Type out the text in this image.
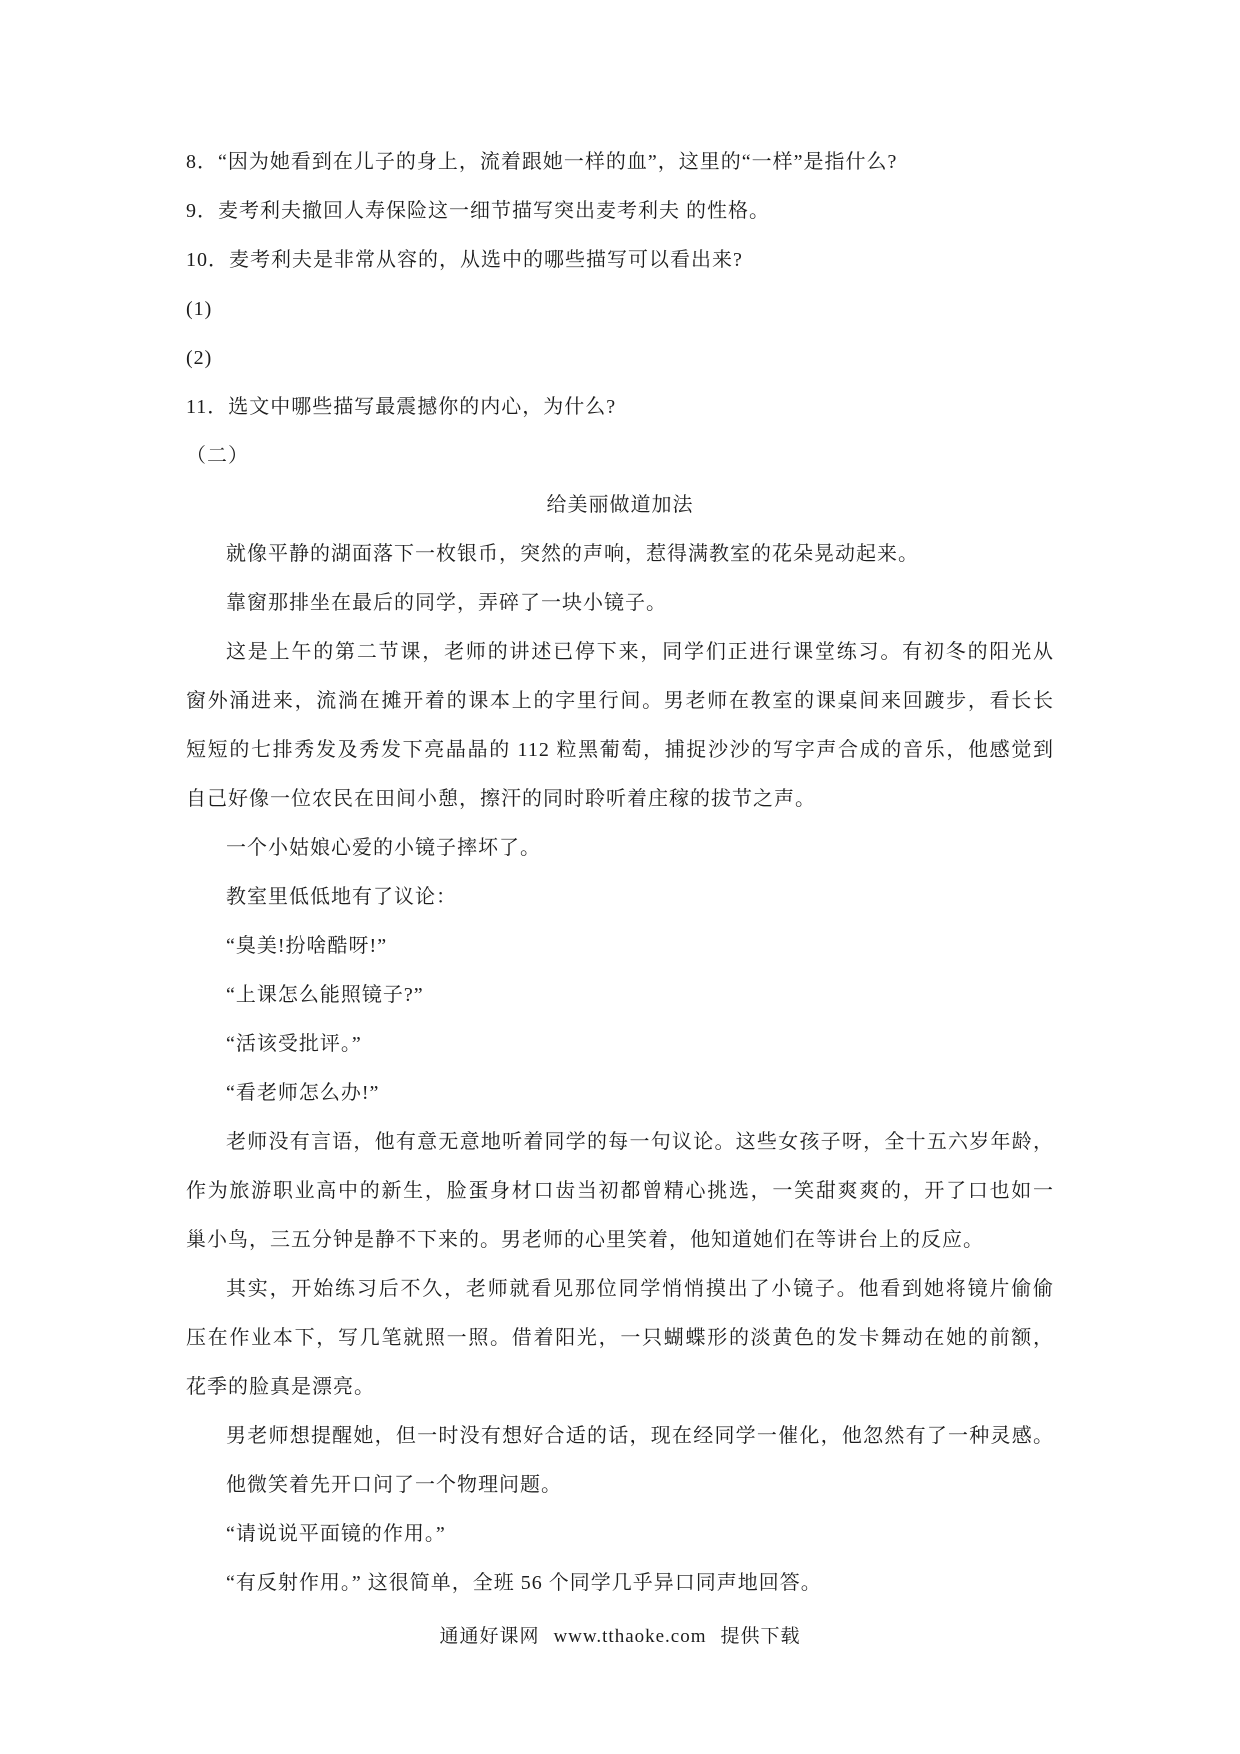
8．“因为她看到在儿子的身上，流着跟她一样的血”，这里的“一样”是指什么?
9．麦考利夫撤回人寿保险这一细节描写突出麦考利夫 的性格。
10．麦考利夫是非常从容的，从选中的哪些描写可以看出来?
(1)
(2)
11．选文中哪些描写最震撼你的内心，为什么?
（二）
给美丽做道加法
就像平静的湖面落下一枚银币，突然的声响，惹得满教室的花朵晃动起来。
靠窗那排坐在最后的同学，弄碎了一块小镜子。
这是上午的第二节课，老师的讲述已停下来，同学们正进行课堂练习。有初冬的阳光从
窗外涌进来，流淌在摊开着的课本上的字里行间。男老师在教室的课桌间来回踱步，看长长
短短的七排秀发及秀发下亮晶晶的 112 粒黑葡萄，捕捉沙沙的写字声合成的音乐，他感觉到
自己好像一位农民在田间小憩，擦汗的同时聆听着庄稼的拔节之声。
一个小姑娘心爱的小镜子摔坏了。
教室里低低地有了议论：
“臭美!扮啥酷呀!”
“上课怎么能照镜子?”
“活该受批评。”
“看老师怎么办!”
老师没有言语，他有意无意地听着同学的每一句议论。这些女孩子呀，全十五六岁年龄，
作为旅游职业高中的新生，脸蛋身材口齿当初都曾精心挑选，一笑甜爽爽的，开了口也如一
巢小鸟，三五分钟是静不下来的。男老师的心里笑着，他知道她们在等讲台上的反应。
其实，开始练习后不久，老师就看见那位同学悄悄摸出了小镜子。他看到她将镜片偷偷
压在作业本下，写几笔就照一照。借着阳光，一只蝴蝶形的淡黄色的发卡舞动在她的前额，
花季的脸真是漂亮。
男老师想提醒她，但一时没有想好合适的话，现在经同学一催化，他忽然有了一种灵感。
他微笑着先开口问了一个物理问题。
“请说说平面镜的作用。”
“有反射作用。” 这很简单，全班 56 个同学几乎异口同声地回答。
通通好课网 www.tthaoke.com 提供下载
